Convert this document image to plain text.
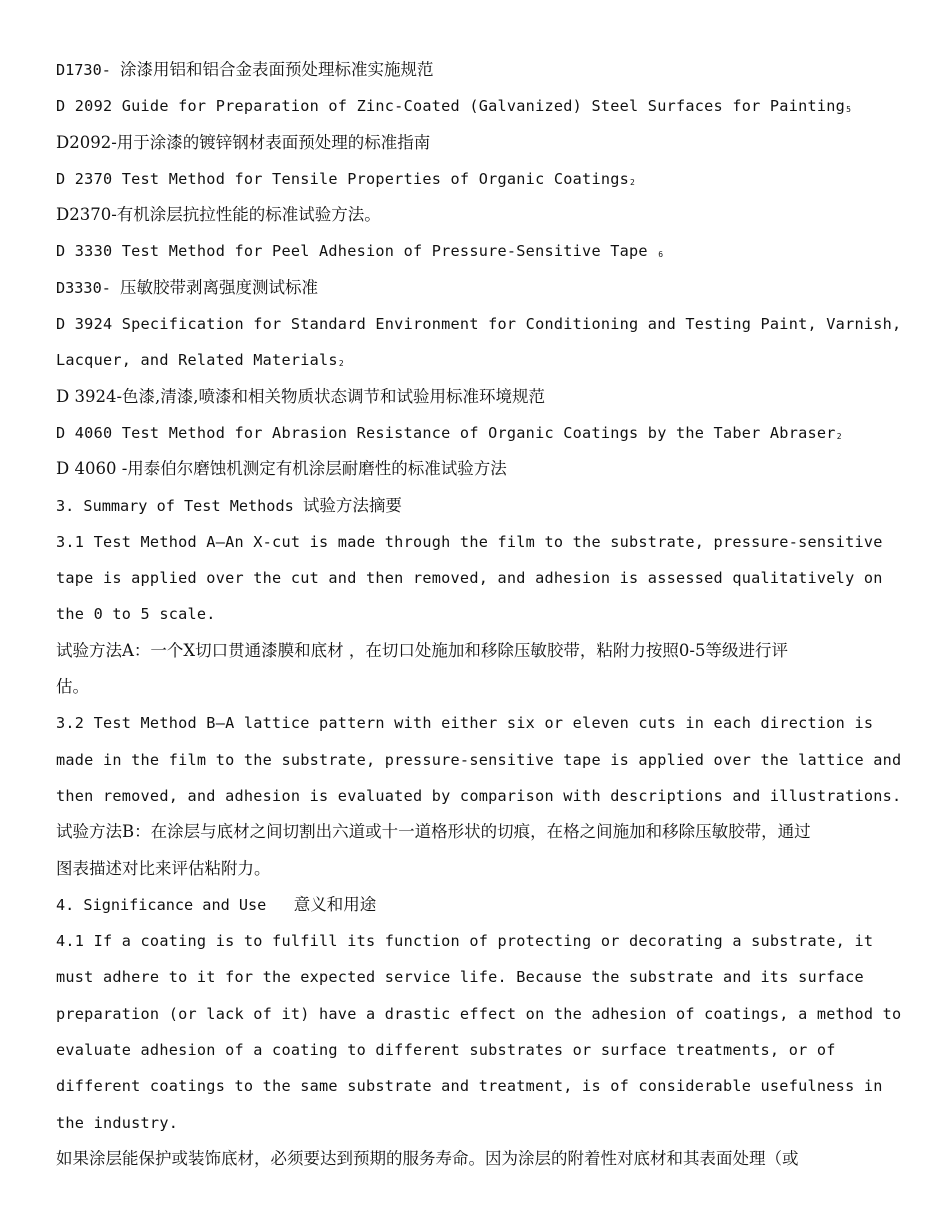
D1730- 涂漆用铝和铝合金表面预处理标准实施规范
D 2092 Guide for Preparation of Zinc-Coated (Galvanized) Steel Surfaces for Painting5
D2092-用于涂漆的镀锌钢材表面预处理的标准指南
D 2370 Test Method for Tensile Properties of Organic Coatings2
D2370-有机涂层抗拉性能的标准试验方法。
D 3330 Test Method for Peel Adhesion of Pressure-Sensitive Tape 6
D3330- 压敏胶带剥离强度测试标准
D 3924 Specification for Standard Environment for Conditioning and Testing Paint, Varnish,
Lacquer, and Related Materials2
D 3924-色漆,清漆,喷漆和相关物质状态调节和试验用标准环境规范
D 4060 Test Method for Abrasion Resistance of Organic Coatings by the Taber Abraser2
D 4060 -用泰伯尔磨蚀机测定有机涂层耐磨性的标准试验方法
3. Summary of Test Methods 试验方法摘要
3.1 Test Method A—An X-cut is made through the film to the substrate, pressure-sensitive
tape is applied over the cut and then removed, and adhesion is assessed qualitatively on
the 0 to 5 scale.
试验方法A：一个X切口贯通漆膜和底材 ，在切口处施加和移除压敏胶带，粘附力按照0-5等级进行评
估。
3.2 Test Method B—A lattice pattern with either six or eleven cuts in each direction is
made in the film to the substrate, pressure-sensitive tape is applied over the lattice and
then removed, and adhesion is evaluated by comparison with descriptions and illustrations.
试验方法B：在涂层与底材之间切割出六道或十一道格形状的切痕，在格之间施加和移除压敏胶带，通过
图表描述对比来评估粘附力。
4. Significance and Use   意义和用途
4.1 If a coating is to fulfill its function of protecting or decorating a substrate, it
must adhere to it for the expected service life. Because the substrate and its surface
preparation (or lack of it) have a drastic effect on the adhesion of coatings, a method to
evaluate adhesion of a coating to different substrates or surface treatments, or of
different coatings to the same substrate and treatment, is of considerable usefulness in
the industry.
如果涂层能保护或装饰底材，必须要达到预期的服务寿命。因为涂层的附着性对底材和其表面处理（或
